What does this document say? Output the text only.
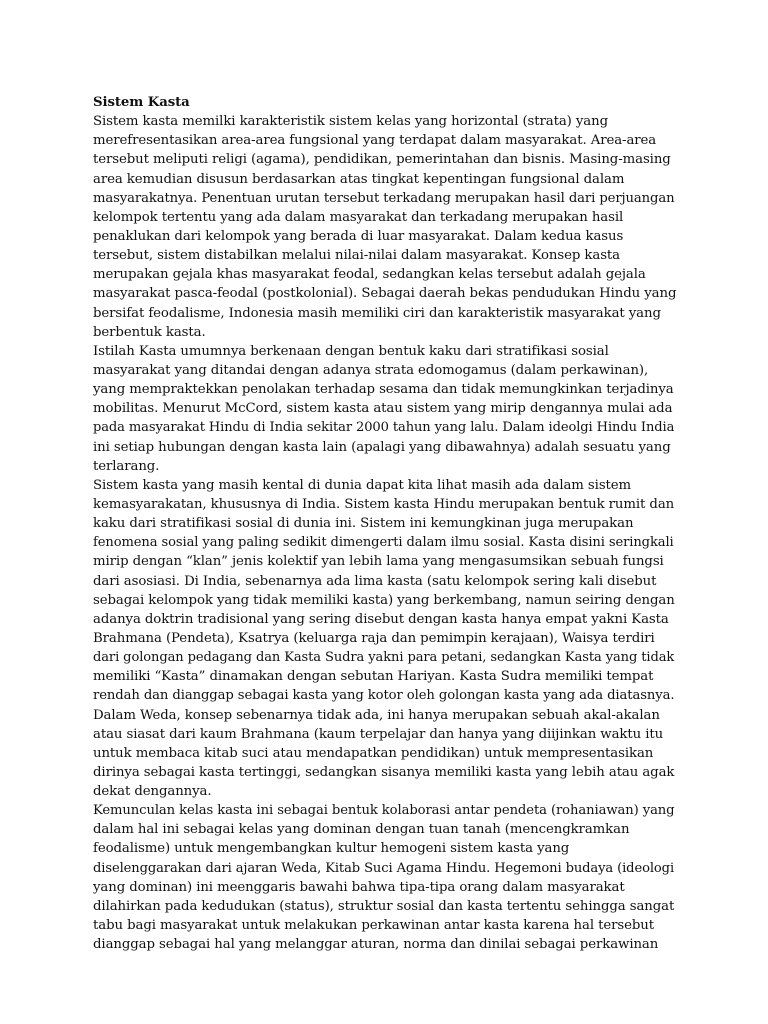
Sistem Kasta
Sistem kasta memilki karakteristik sistem kelas yang horizontal (strata) yang
merefresentasikan area-area fungsional yang terdapat dalam masyarakat. Area-area
tersebut meliputi religi (agama), pendidikan, pemerintahan dan bisnis. Masing-masing
area kemudian disusun berdasarkan atas tingkat kepentingan fungsional dalam
masyarakatnya. Penentuan urutan tersebut terkadang merupakan hasil dari perjuangan
kelompok tertentu yang ada dalam masyarakat dan terkadang merupakan hasil
penaklukan dari kelompok yang berada di luar masyarakat. Dalam kedua kasus
tersebut, sistem distabilkan melalui nilai-nilai dalam masyarakat. Konsep kasta
merupakan gejala khas masyarakat feodal, sedangkan kelas tersebut adalah gejala
masyarakat pasca-feodal (postkolonial). Sebagai daerah bekas pendudukan Hindu yang
bersifat feodalisme, Indonesia masih memiliki ciri dan karakteristik masyarakat yang
berbentuk kasta.
Istilah Kasta umumnya berkenaan dengan bentuk kaku dari stratifikasi sosial
masyarakat yang ditandai dengan adanya strata edomogamus (dalam perkawinan),
yang mempraktekkan penolakan terhadap sesama dan tidak memungkinkan terjadinya
mobilitas. Menurut McCord, sistem kasta atau sistem yang mirip dengannya mulai ada
pada masyarakat Hindu di India sekitar 2000 tahun yang lalu. Dalam ideolgi Hindu India
ini setiap hubungan dengan kasta lain (apalagi yang dibawahnya) adalah sesuatu yang
terlarang.
Sistem kasta yang masih kental di dunia dapat kita lihat masih ada dalam sistem
kemasyarakatan, khususnya di India. Sistem kasta Hindu merupakan bentuk rumit dan
kaku dari stratifikasi sosial di dunia ini. Sistem ini kemungkinan juga merupakan
fenomena sosial yang paling sedikit dimengerti dalam ilmu sosial. Kasta disini seringkali
mirip dengan “klan” jenis kolektif yan lebih lama yang mengasumsikan sebuah fungsi
dari asosiasi. Di India, sebenarnya ada lima kasta (satu kelompok sering kali disebut
sebagai kelompok yang tidak memiliki kasta) yang berkembang, namun seiring dengan
adanya doktrin tradisional yang sering disebut dengan kasta hanya empat yakni Kasta
Brahmana (Pendeta), Ksatrya (keluarga raja dan pemimpin kerajaan), Waisya terdiri
dari golongan pedagang dan Kasta Sudra yakni para petani, sedangkan Kasta yang tidak
memiliki “Kasta” dinamakan dengan sebutan Hariyan. Kasta Sudra memiliki tempat
rendah dan dianggap sebagai kasta yang kotor oleh golongan kasta yang ada diatasnya.
Dalam Weda, konsep sebenarnya tidak ada, ini hanya merupakan sebuah akal-akalan
atau siasat dari kaum Brahmana (kaum terpelajar dan hanya yang diijinkan waktu itu
untuk membaca kitab suci atau mendapatkan pendidikan) untuk mempresentasikan
dirinya sebagai kasta tertinggi, sedangkan sisanya memiliki kasta yang lebih atau agak
dekat dengannya.
Kemunculan kelas kasta ini sebagai bentuk kolaborasi antar pendeta (rohaniawan) yang
dalam hal ini sebagai kelas yang dominan dengan tuan tanah (mencengkramkan
feodalisme) untuk mengembangkan kultur hemogeni sistem kasta yang
diselenggarakan dari ajaran Weda, Kitab Suci Agama Hindu. Hegemoni budaya (ideologi
yang dominan) ini meenggaris bawahi bahwa tipa-tipa orang dalam masyarakat
dilahirkan pada kedudukan (status), struktur sosial dan kasta tertentu sehingga sangat
tabu bagi masyarakat untuk melakukan perkawinan antar kasta karena hal tersebut
dianggap sebagai hal yang melanggar aturan, norma dan dinilai sebagai perkawinan
